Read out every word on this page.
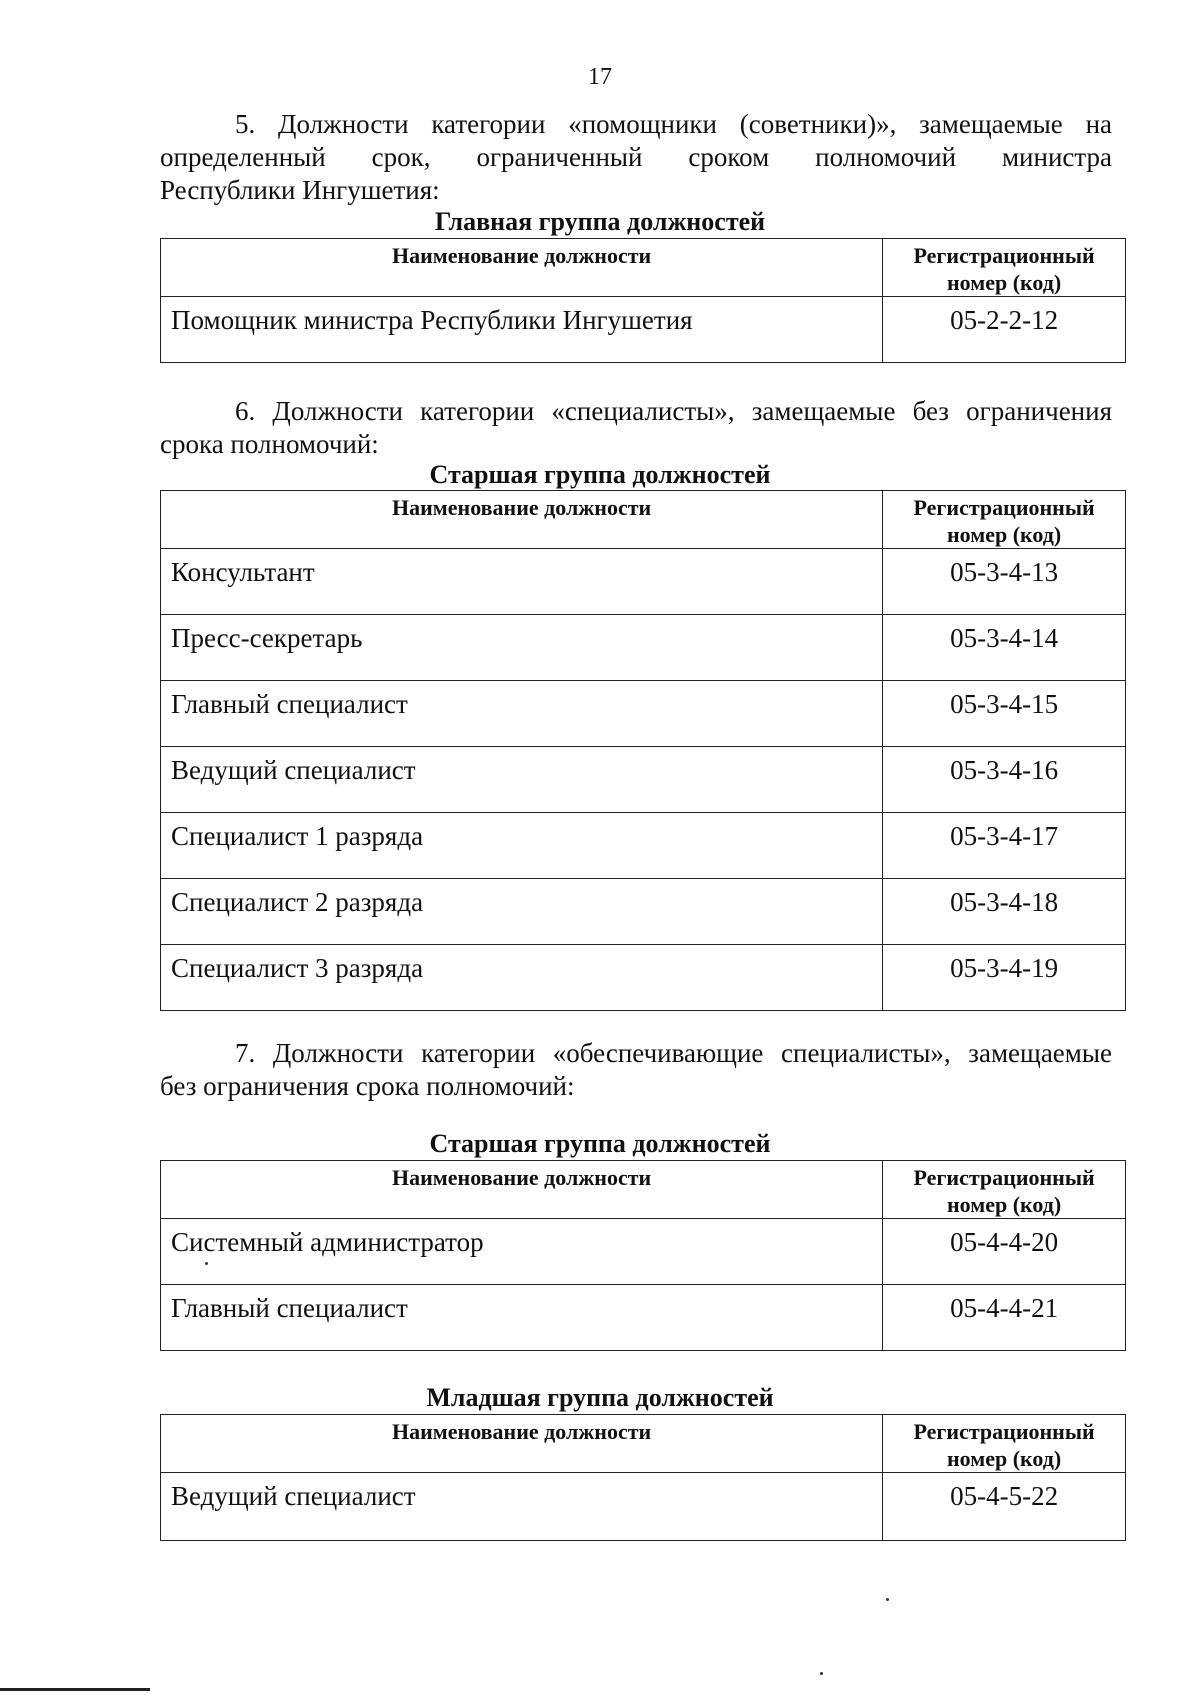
17
5. Должности категории «помощники (советники)», замещаемые на
определенный срок, ограниченный сроком полномочий министра
Республики Ингушетия:
Главная группа должностей
Наименование должности	Регистрационный
номер (код)
Помощник министра Республики Ингушетия	05-2-2-12
6. Должности категории «специалисты», замещаемые без ограничения
срока полномочий:
Старшая группа должностей
Наименование должности	Регистрационный
номер (код)
Консультант	05-3-4-13
Пресс-секретарь	05-3-4-14
Главный специалист	05-3-4-15
Ведущий специалист	05-3-4-16
Специалист 1 разряда	05-3-4-17
Специалист 2 разряда	05-3-4-18
Специалист 3 разряда	05-3-4-19
7. Должности категории «обеспечивающие специалисты», замещаемые
без ограничения срока полномочий:
Старшая группа должностей
Наименование должности	Регистрационный
номер (код)
Системный администратор	05-4-4-20
Главный специалист	05-4-4-21
Младшая группа должностей
Наименование должности	Регистрационный
номер (код)
Ведущий специалист	05-4-5-22
